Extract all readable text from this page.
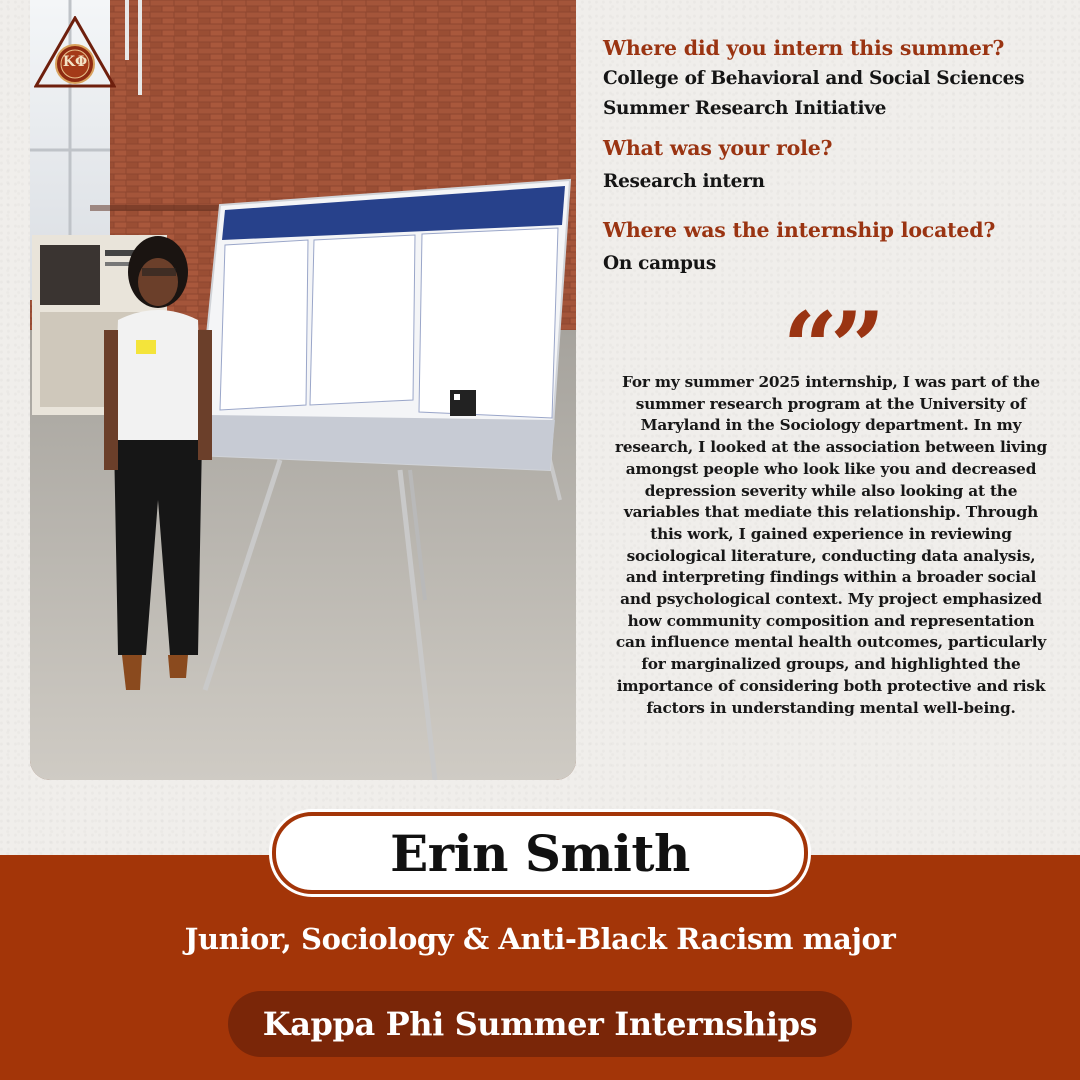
ΚΦ
Where did you intern this summer?
College of Behavioral and Social Sciences
Summer Research Initiative
What was your role?
Research intern
Where was the internship located?
On campus
“”
For my summer 2025 internship, I was part of the
summer research program at the University of
Maryland in the Sociology department. In my
research, I looked at the association between living
amongst people who look like you and decreased
depression severity while also looking at the
variables that mediate this relationship. Through
this work, I gained experience in reviewing
sociological literature, conducting data analysis,
and interpreting findings within a broader social
and psychological context. My project emphasized
how community composition and representation
can influence mental health outcomes, particularly
for marginalized groups, and highlighted the
importance of considering both protective and risk
factors in understanding mental well-being.
Erin Smith
Junior, Sociology & Anti-Black Racism major
Kappa Phi Summer Internships
